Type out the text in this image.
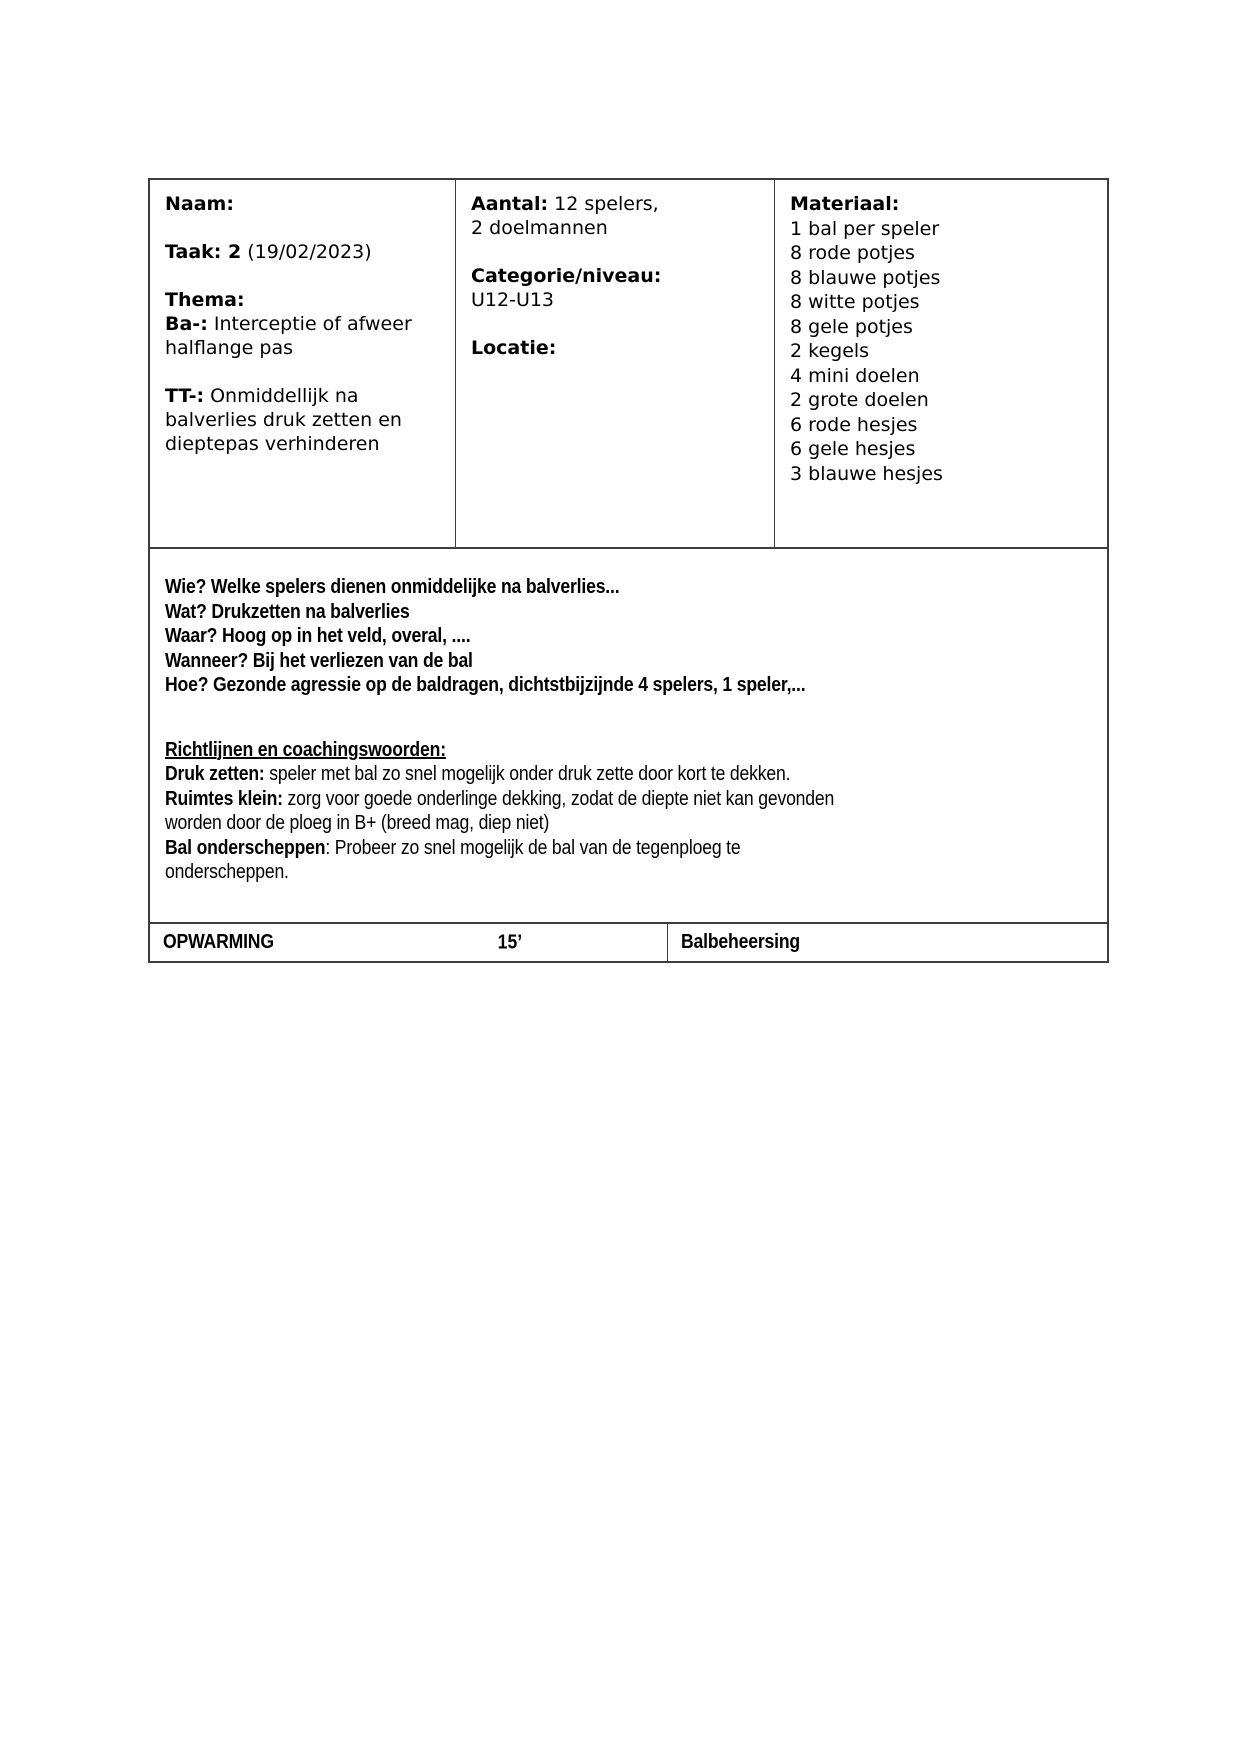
Naam:

Taak: 2 (19/02/2023)

Thema:
Ba-: Interceptie of afweer
halflange pas

TT-: Onmiddellijk na
balverlies druk zetten en
dieptepas verhinderen

Aantal: 12 spelers,
2 doelmannen

Categorie/niveau:
U12-U13

Locatie:

Materiaal:
1 bal per speler
8 rode potjes
8 blauwe potjes
8 witte potjes
8 gele potjes
2 kegels
4 mini doelen
2 grote doelen
6 rode hesjes
6 gele hesjes
3 blauwe hesjes
Wie? Welke spelers dienen onmiddelijke na balverlies...
Wat? Drukzetten na balverlies
Waar? Hoog op in het veld, overal, ....
Wanneer? Bij het verliezen van de bal
Hoe? Gezonde agressie op de baldragen, dichtstbijzijnde 4 spelers, 1 speler,...
Richtlijnen en coachingswoorden:
Druk zetten: speler met bal zo snel mogelijk onder druk zette door kort te dekken.
Ruimtes klein: zorg voor goede onderlinge dekking, zodat de diepte niet kan gevonden
worden door de ploeg in B+ (breed mag, diep niet)
Bal onderscheppen: Probeer zo snel mogelijk de bal van de tegenploeg te
onderscheppen.
OPWARMING	15’	Balbeheersing
